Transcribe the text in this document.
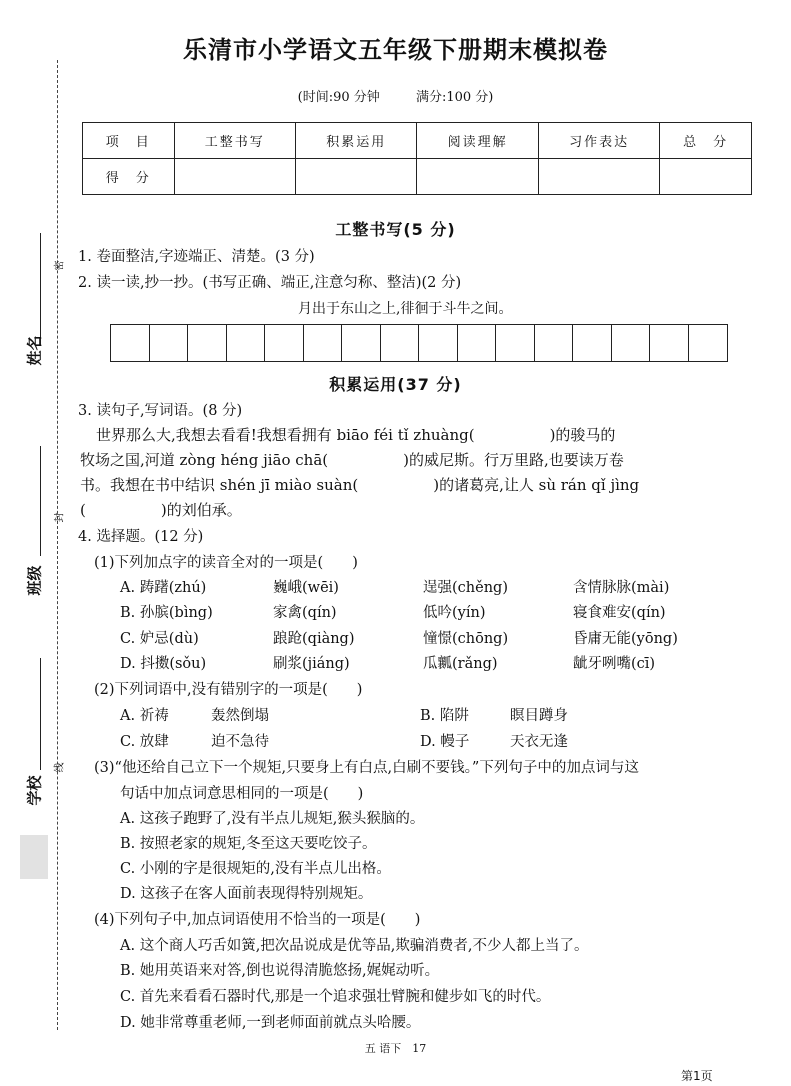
乐清市小学语文五年级下册期末模拟卷
(时间:90 分钟	满分:100 分)
项　目	工整书写	积累运用	阅读理解	习作表达	总　分
得　分					
工整书写(5 分)
1. 卷面整洁,字迹端正、清楚。(3 分)
2. 读一读,抄一抄。(书写正确、端正,注意匀称、整洁)(2 分)
月出于东山之上,徘徊于斗牛之间。
积累运用(37 分)
3. 读句子,写词语。(8 分)
世界那么大,我想去看看!我想看拥有 biāo féi tǐ zhuàng(　　　　　)的骏马的
牧场之国,河道 zòng héng jiāo chā(　　　　　)的威尼斯。行万里路,也要读万卷
书。我想在书中结识 shén jī miào suàn(　　　　　)的诸葛亮,让人 sù rán qǐ jìng
(　　　　　)的刘伯承。
4. 选择题。(12 分)
(1)下列加点字的读音全对的一项是(　　)
A. 踌躇(zhú)	巍峨(wēi)	逞强(chěng)	含情脉脉(mài)
B. 孙膑(bìng)	家禽(qín)	低吟(yín)	寝食难安(qín)
C. 妒忌(dù)	踉跄(qiàng)	憧憬(chōng)	昏庸无能(yōng)
D. 抖擞(sǒu)	刷浆(jiáng)	瓜瓤(rǎng)	龇牙咧嘴(cī)
(2)下列词语中,没有错别字的一项是(　　)
A. 祈祷	轰然倒塌	B. 陷阱	瞑目蹲身
C. 放肆	迫不急待	D. 幔子	天衣无逢
(3)“他还给自己立下一个规矩,只要身上有白点,白刷不要钱。”下列句子中的加点词与这
句话中加点词意思相同的一项是(　　)
A. 这孩子跑野了,没有半点儿规矩,猴头猴脑的。
B. 按照老家的规矩,冬至这天要吃饺子。
C. 小刚的字是很规矩的,没有半点儿出格。
D. 这孩子在客人面前表现得特别规矩。
(4)下列句子中,加点词语使用不恰当的一项是(　　)
A. 这个商人巧舌如簧,把次品说成是优等品,欺骗消费者,不少人都上当了。
B. 她用英语来对答,倒也说得清脆悠扬,娓娓动听。
C. 首先来看看石器时代,那是一个追求强壮臂腕和健步如飞的时代。
D. 她非常尊重老师,一到老师面前就点头哈腰。
密
封
线
姓名
班级
学校
五 语下　17
第1页
